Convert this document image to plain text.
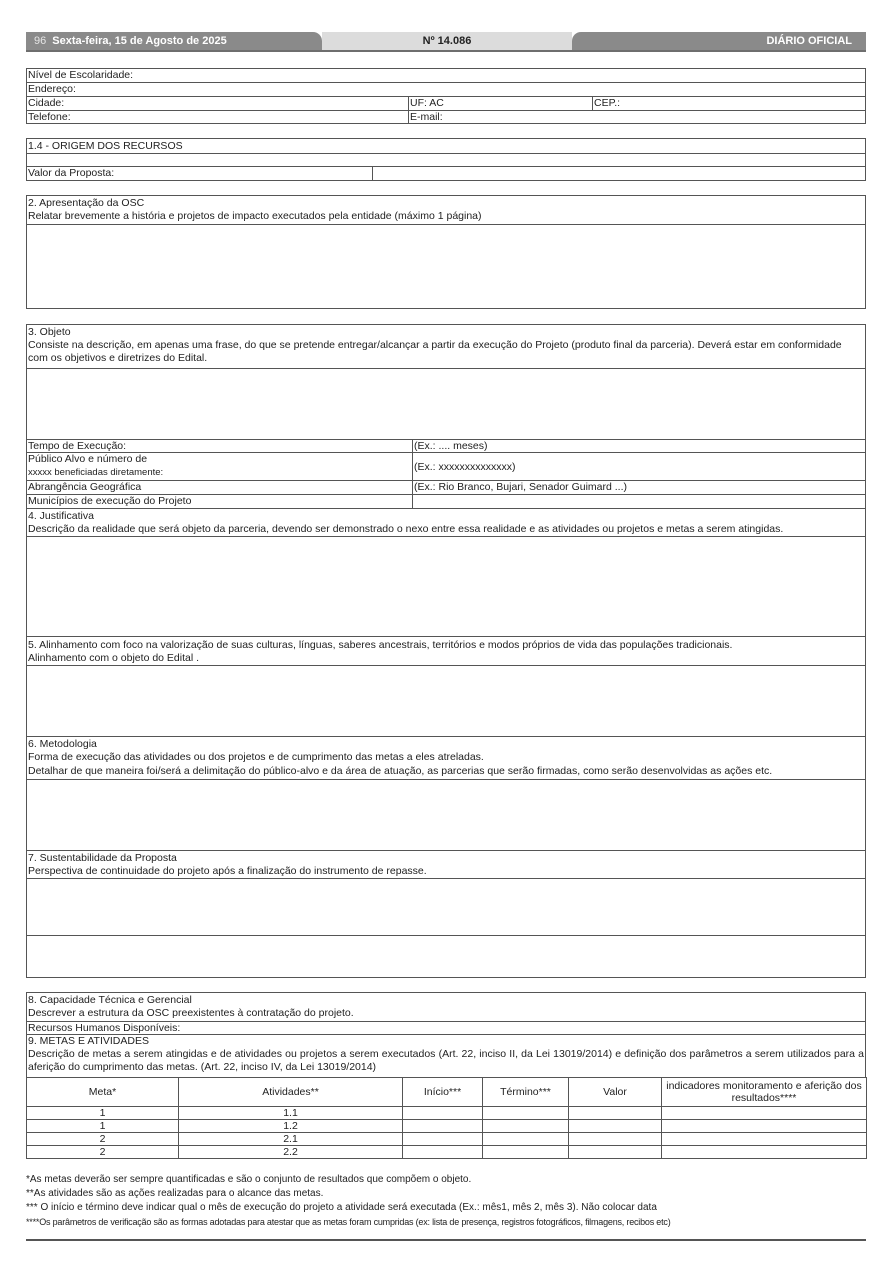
96 Sexta-feira, 15 de Agosto de 2025	Nº 14.086	DIÁRIO OFICIAL
Nível de Escolaridade:
Endereço:
Cidade:	UF: AC	CEP.:
Telefone:	E-mail:
1.4 - ORIGEM DOS RECURSOS
Valor da Proposta:
2. Apresentação da OSC
Relatar brevemente a história e projetos de impacto executados pela entidade (máximo 1 página)
3. Objeto
Consiste na descrição, em apenas uma frase, do que se pretende entregar/alcançar a partir da execução do Projeto (produto final da parceria). Deverá estar em conformidade com os objetivos e diretrizes do Edital.
Tempo de Execução:	(Ex.: .... meses)
Público Alvo e número de
xxxxx beneficiadas diretamente:	(Ex.: xxxxxxxxxxxxxx)
Abrangência Geográfica	(Ex.: Rio Branco, Bujari, Senador Guimard ...)
Municípios de execução do Projeto
4. Justificativa
Descrição da realidade que será objeto da parceria, devendo ser demonstrado o nexo entre essa realidade e as atividades ou projetos e metas a serem atingidas.
5. Alinhamento com foco na valorização de suas culturas, línguas, saberes ancestrais, territórios e modos próprios de vida das populações tradicionais.
Alinhamento com o objeto do Edital .
6. Metodologia
Forma de execução das atividades ou dos projetos e de cumprimento das metas a eles atreladas.
Detalhar de que maneira foi/será a delimitação do público-alvo e da área de atuação, as parcerias que serão firmadas, como serão desenvolvidas as ações etc.
7. Sustentabilidade da Proposta
Perspectiva de continuidade do projeto após a finalização do instrumento de repasse.
8. Capacidade Técnica e Gerencial
Descrever a estrutura da OSC preexistentes à contratação do projeto.
Recursos Humanos Disponíveis:
9. METAS E ATIVIDADES
Descrição de metas a serem atingidas e de atividades ou projetos a serem executados (Art. 22, inciso II, da Lei 13019/2014) e definição dos parâmetros a serem utilizados para a aferição do cumprimento das metas. (Art. 22, inciso IV, da Lei 13019/2014)
Meta*	Atividades**	Início***	Término***	Valor	indicadores monitoramento e aferição dos resultados****
1	1.1				
1	1.2				
2	2.1				
2	2.2				
*As metas deverão ser sempre quantificadas e são o conjunto de resultados que compõem o objeto.
**As atividades são as ações realizadas para o alcance das metas.
*** O início e término deve indicar qual o mês de execução do projeto a atividade será executada (Ex.: mês1, mês 2, mês 3). Não colocar data
****Os parâmetros de verificação são as formas adotadas para atestar que as metas foram cumpridas (ex: lista de presença, registros fotográficos, filmagens, recibos etc)
